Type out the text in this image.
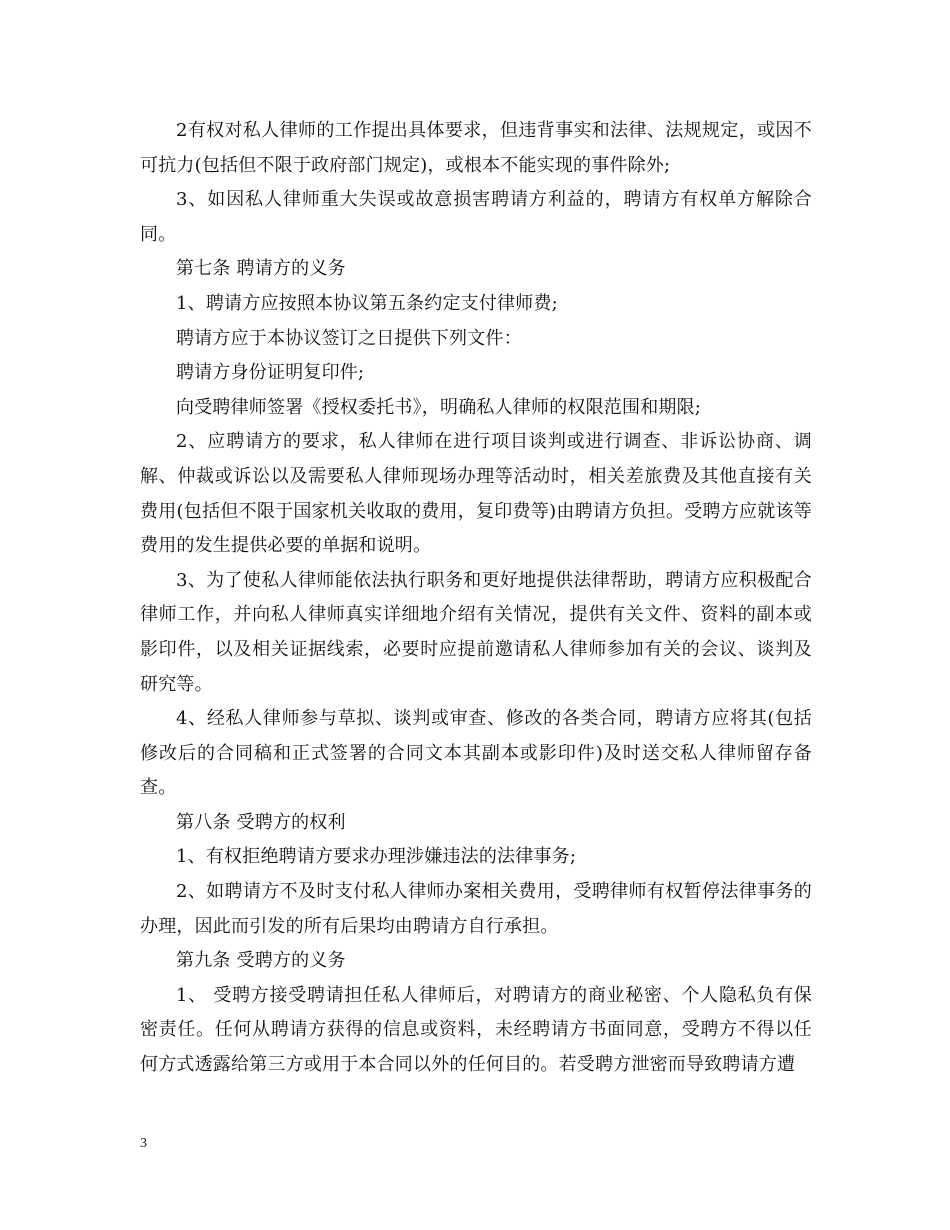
2有权对私人律师的工作提出具体要求，但违背事实和法律、法规规定，或因不可抗力(包括但不限于政府部门规定)，或根本不能实现的事件除外;

3、如因私人律师重大失误或故意损害聘请方利益的，聘请方有权单方解除合同。

第七条 聘请方的义务

1、聘请方应按照本协议第五条约定支付律师费;

聘请方应于本协议签订之日提供下列文件：

聘请方身份证明复印件;

向受聘律师签署《授权委托书》，明确私人律师的权限范围和期限;

2、应聘请方的要求，私人律师在进行项目谈判或进行调查、非诉讼协商、调解、仲裁或诉讼以及需要私人律师现场办理等活动时，相关差旅费及其他直接有关费用(包括但不限于国家机关收取的费用，复印费等)由聘请方负担。受聘方应就该等费用的发生提供必要的单据和说明。

3、为了使私人律师能依法执行职务和更好地提供法律帮助，聘请方应积极配合律师工作，并向私人律师真实详细地介绍有关情况，提供有关文件、资料的副本或影印件，以及相关证据线索，必要时应提前邀请私人律师参加有关的会议、谈判及研究等。

4、经私人律师参与草拟、谈判或审查、修改的各类合同，聘请方应将其(包括修改后的合同稿和正式签署的合同文本其副本或影印件)及时送交私人律师留存备查。

第八条 受聘方的权利

1、有权拒绝聘请方要求办理涉嫌违法的法律事务;

2、如聘请方不及时支付私人律师办案相关费用，受聘律师有权暂停法律事务的办理，因此而引发的所有后果均由聘请方自行承担。

第九条 受聘方的义务

1、 受聘方接受聘请担任私人律师后，对聘请方的商业秘密、个人隐私负有保密责任。任何从聘请方获得的信息或资料，未经聘请方书面同意，受聘方不得以任何方式透露给第三方或用于本合同以外的任何目的。若受聘方泄密而导致聘请方遭

3
